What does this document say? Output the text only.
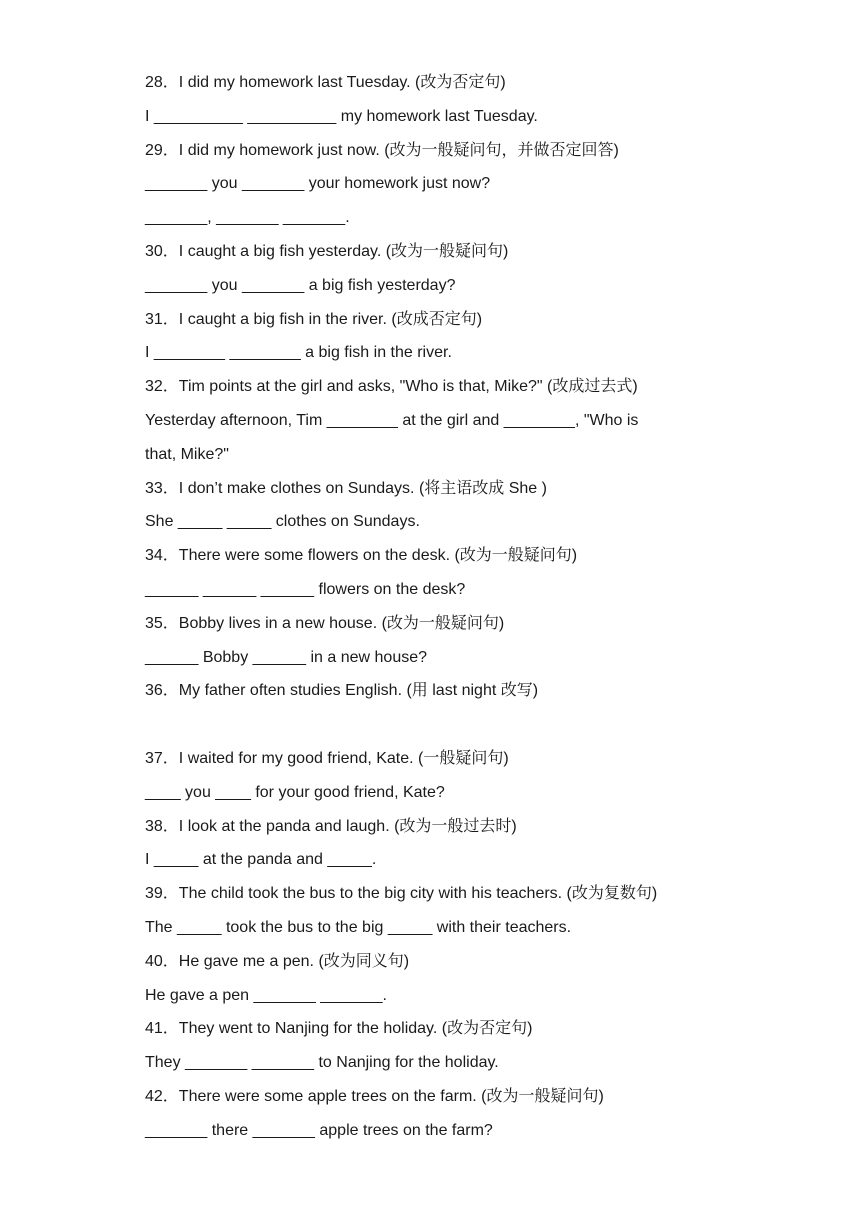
28．I did my homework last Tuesday. (改为否定句)
I __________ __________ my homework last Tuesday.
29．I did my homework just now. (改为一般疑问句，并做否定回答)
_______ you _______ your homework just now?
_______, _______ _______.
30．I caught a big fish yesterday. (改为一般疑问句)
_______ you _______ a big fish yesterday?
31．I caught a big fish in the river. (改成否定句)
I ________ ________ a big fish in the river.
32．Tim points at the girl and asks, "Who is that, Mike?" (改成过去式)
Yesterday afternoon, Tim ________ at the girl and ________, "Who is
that, Mike?"
33．I don’t make clothes on Sundays. (将主语改成 She )
She _____ _____ clothes on Sundays.
34．There were some flowers on the desk. (改为一般疑问句)
______ ______ ______ flowers on the desk?
35．Bobby lives in a new house. (改为一般疑问句)
______ Bobby ______ in a new house?
36．My father often studies English. (用 last night 改写)
37．I waited for my good friend, Kate. (一般疑问句)
____ you ____ for your good friend, Kate?
38．I look at the panda and laugh. (改为一般过去时)
I _____ at the panda and _____.
39．The child took the bus to the big city with his teachers. (改为复数句)
The _____ took the bus to the big _____ with their teachers.
40．He gave me a pen. (改为同义句)
He gave a pen _______ _______.
41．They went to Nanjing for the holiday. (改为否定句)
They _______ _______ to Nanjing for the holiday.
42．There were some apple trees on the farm. (改为一般疑问句)
_______ there _______ apple trees on the farm?
